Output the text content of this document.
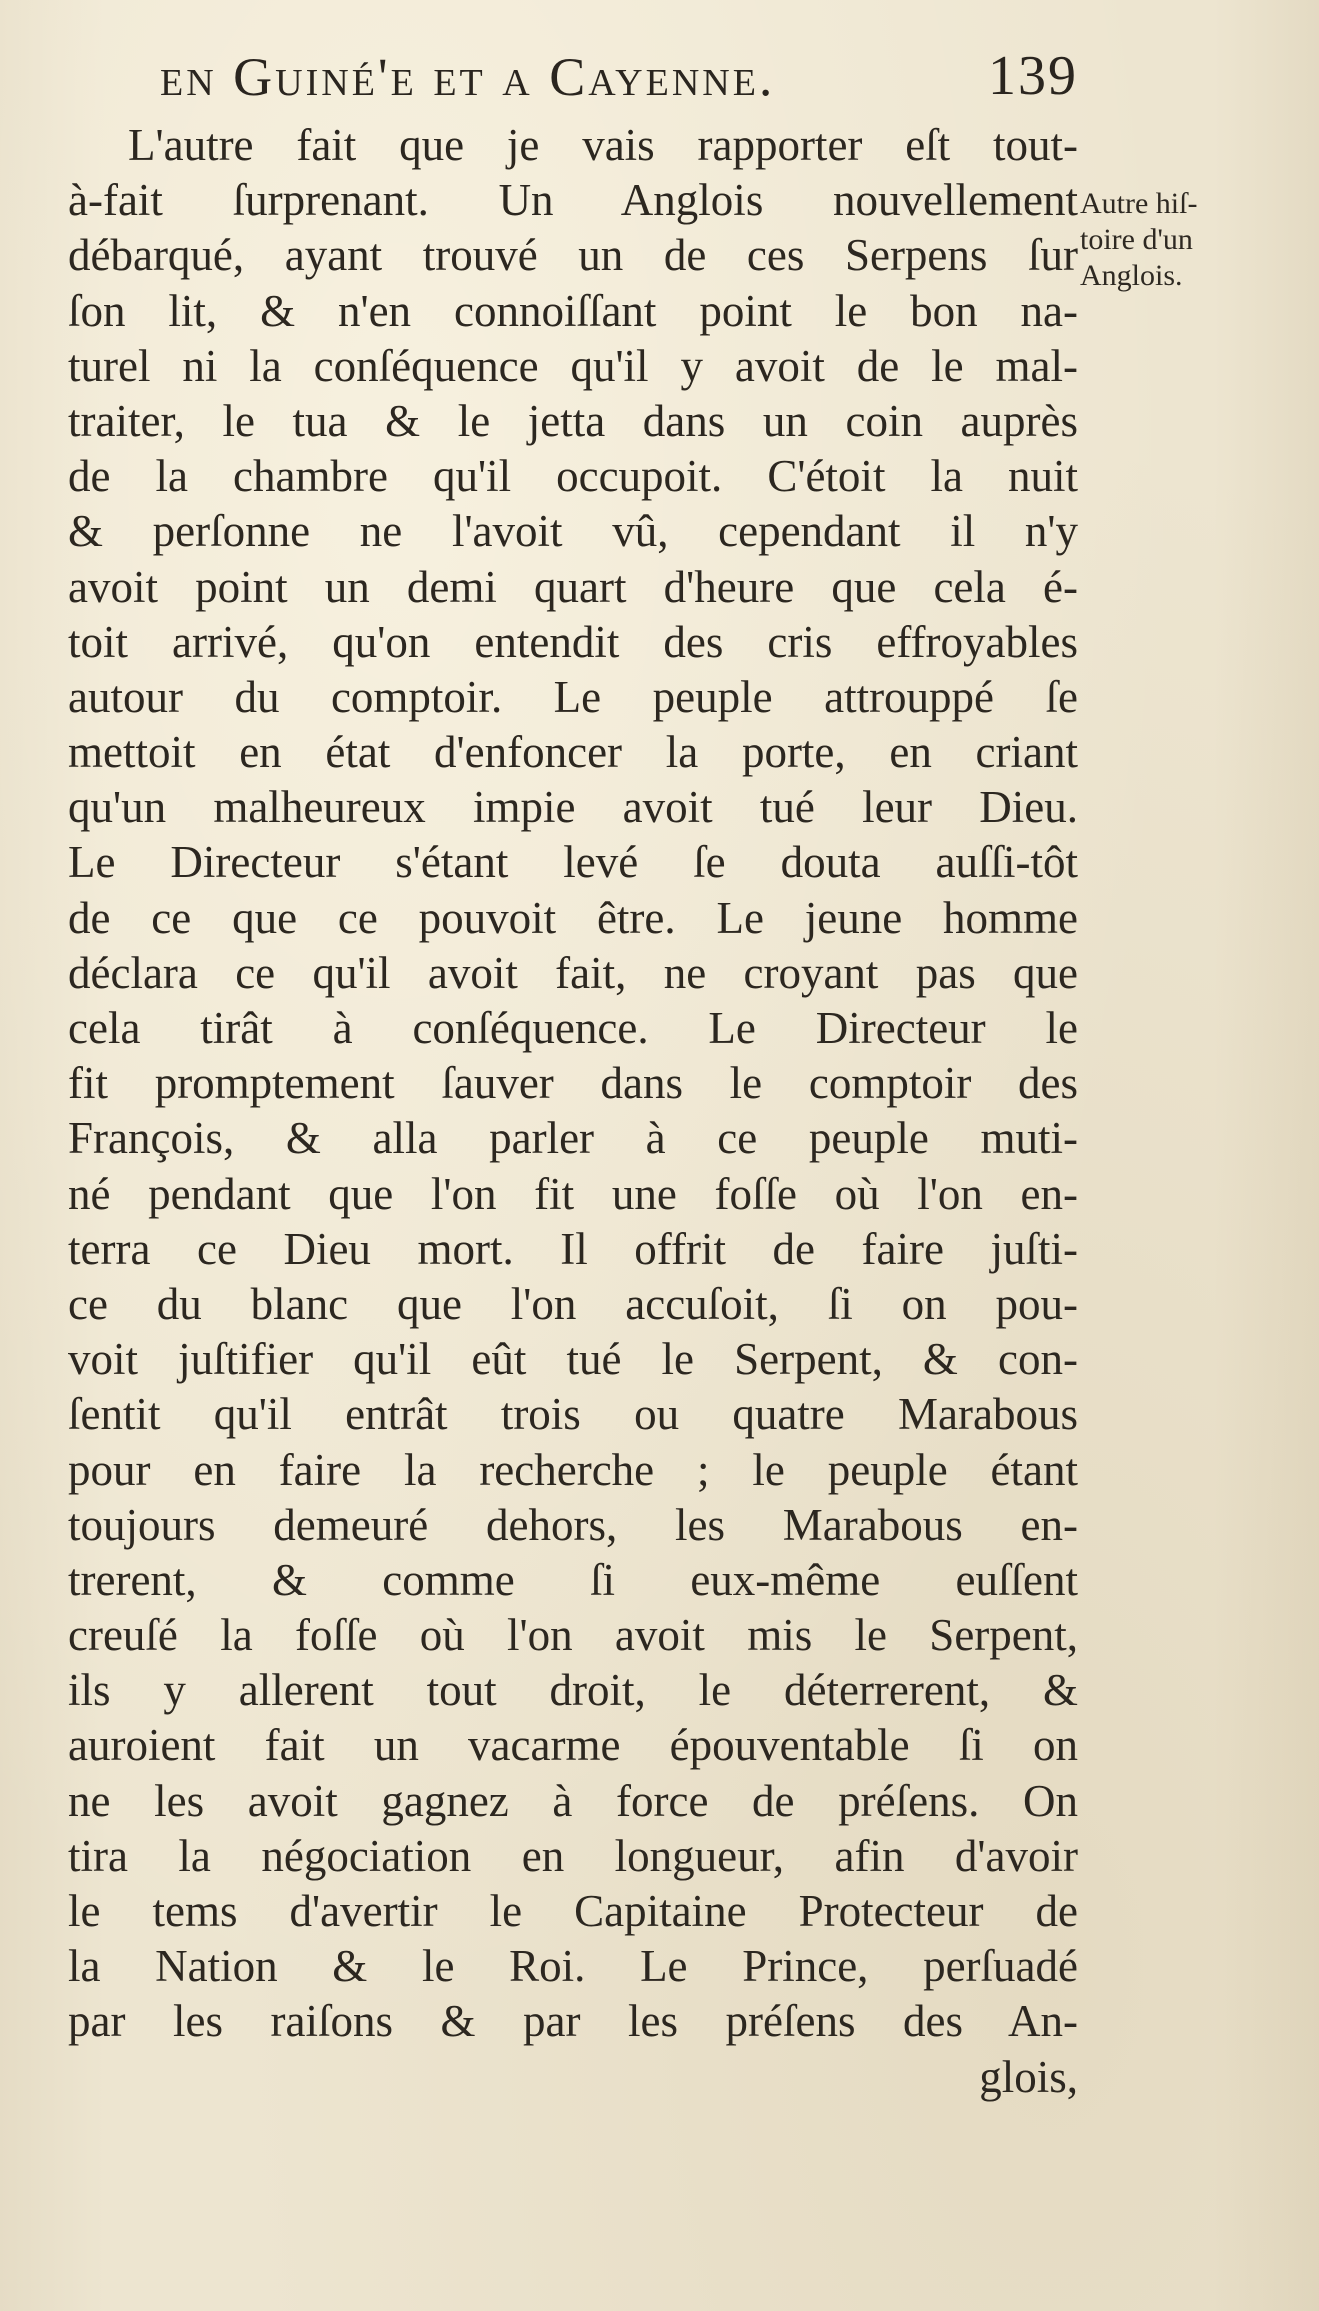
en Guiné'e et a Cayenne.	139
Autre hiſ-
toire d'un
Anglois.
L'autre fait que je vais rapporter eſt tout-
à-fait ſurprenant. Un Anglois nouvellement
débarqué, ayant trouvé un de ces Serpens ſur
ſon lit, & n'en connoiſſant point le bon na-
turel ni la conſéquence qu'il y avoit de le mal-
traiter, le tua & le jetta dans un coin auprès
de la chambre qu'il occupoit. C'étoit la nuit
& perſonne ne l'avoit vû, cependant il n'y
avoit point un demi quart d'heure que cela é-
toit arrivé, qu'on entendit des cris effroyables
autour du comptoir. Le peuple attrouppé ſe
mettoit en état d'enfoncer la porte, en criant
qu'un malheureux impie avoit tué leur Dieu.
Le Directeur s'étant levé ſe douta auſſi-tôt
de ce que ce pouvoit être. Le jeune homme
déclara ce qu'il avoit fait, ne croyant pas que
cela tirât à conſéquence. Le Directeur le
fit promptement ſauver dans le comptoir des
François, & alla parler à ce peuple muti-
né pendant que l'on fit une foſſe où l'on en-
terra ce Dieu mort. Il offrit de faire juſti-
ce du blanc que l'on accuſoit, ſi on pou-
voit juſtifier qu'il eût tué le Serpent, & con-
ſentit qu'il entrât trois ou quatre Marabous
pour en faire la recherche ; le peuple étant
toujours demeuré dehors, les Marabous en-
trerent, & comme ſi eux-même euſſent
creuſé la foſſe où l'on avoit mis le Serpent,
ils y allerent tout droit, le déterrerent, &
auroient fait un vacarme épouventable ſi on
ne les avoit gagnez à force de préſens. On
tira la négociation en longueur, afin d'avoir
le tems d'avertir le Capitaine Protecteur de
la Nation & le Roi. Le Prince, perſuadé
par les raiſons & par les préſens des An-
glois,
